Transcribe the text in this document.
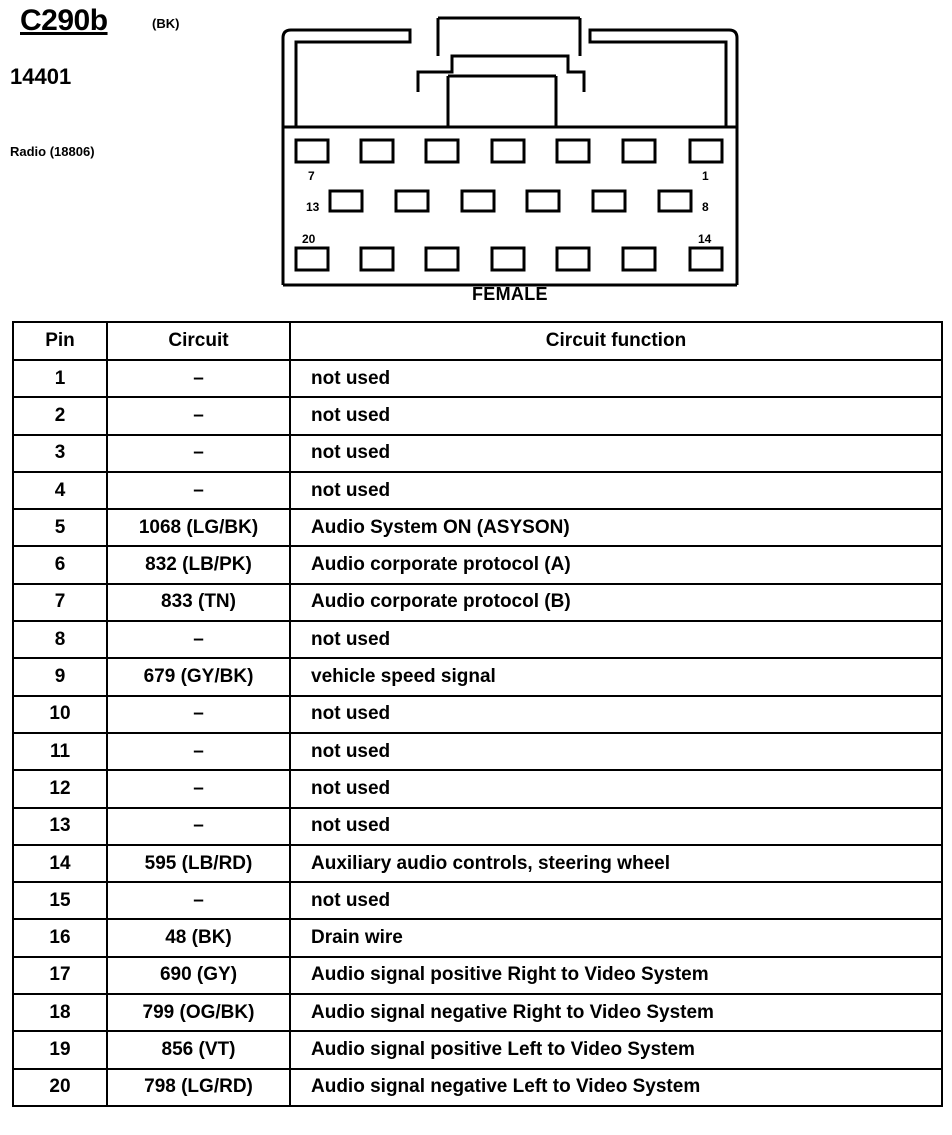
C290b	(BK)
14401
Radio (18806)
7	1
13	8
20	14
FEMALE
Pin	Circuit	Circuit function
1	–	not used
2	–	not used
3	–	not used
4	–	not used
5	1068 (LG/BK)	Audio System ON (ASYSON)
6	832 (LB/PK)	Audio corporate protocol (A)
7	833 (TN)	Audio corporate protocol (B)
8	–	not used
9	679 (GY/BK)	vehicle speed signal
10	–	not used
11	–	not used
12	–	not used
13	–	not used
14	595 (LB/RD)	Auxiliary audio controls, steering wheel
15	–	not used
16	48 (BK)	Drain wire
17	690 (GY)	Audio signal positive Right to Video System
18	799 (OG/BK)	Audio signal negative Right to Video System
19	856 (VT)	Audio signal positive Left to Video System
20	798 (LG/RD)	Audio signal negative Left to Video System
